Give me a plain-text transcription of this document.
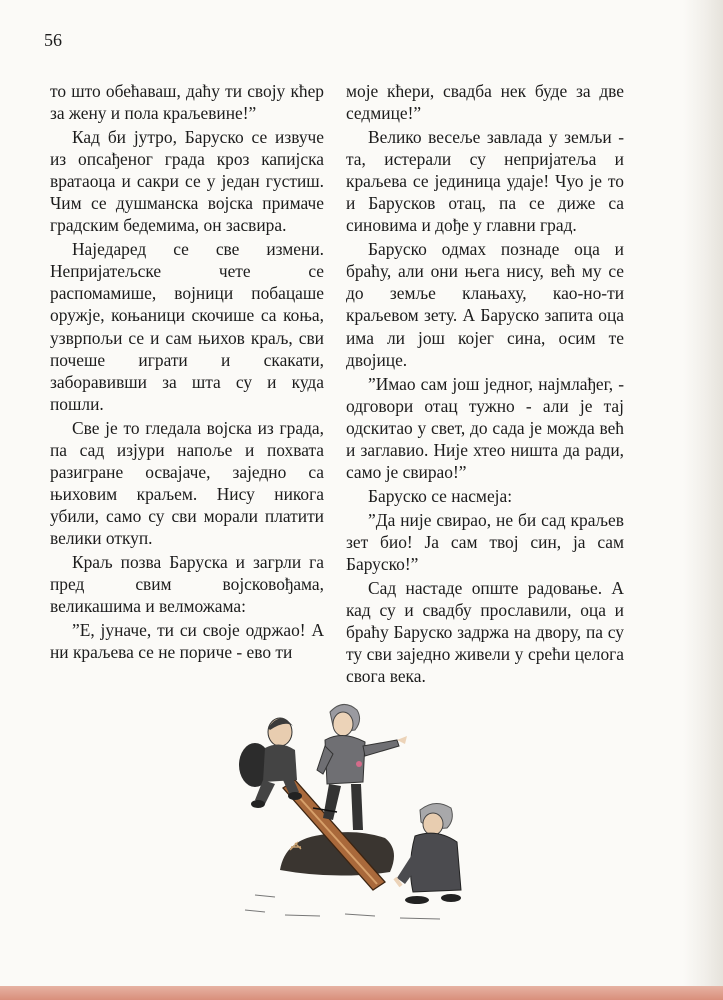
56

то што обећаваш, даћу ти своју кћер за жену и пола краљевине!”

Кад би јутро, Баруско се извуче из опсађеног града кроз капијска вратаоца и сакри се у један густиш. Чим се душманска војска примаче градским бедемима, он засвира.

Наједаред се све измени. Непријатељске чете се распомамише, војници побацаше оружје, коњаници скочише са коња, узврпољи се и сам њихов краљ, сви почеше играти и скакати, заборавивши за шта су и куда пошли.

Све је то гледала војска из града, па сад изјури напоље и похвата разигране освајаче, заједно са њиховим краљем. Нису никога убили, само су сви морали платити велики откуп.

Краљ позва Баруска и загрли га пред свим војсковођама, великашима и велможама:

”Е, јуначе, ти си своје одржао! А ни краљева се не пориче - ево ти

моје кћери, свадба нек буде за две седмице!”

Велико весеље завлада у земљи - та, истерали су непријатеља и краљева се јединица удаје! Чуо је то и Барусков отац, па се диже са синовима и дође у главни град.

Баруско одмах познаде оца и браћу, али они њега нису, већ му се до земље клањаху, као-но-ти краљевом зету. А Баруско запита оца има ли још којег сина, осим те двојице.

”Имао сам још једног, најмлађег, - одговори отац тужно - али је тај одскитао у свет, до сада је можда већ и заглавио. Није хтео ништа да ради, само је свирао!”

Баруско се насмеја:

”Да није свирао, не би сад краљев зет био! Ја сам твој син, ја сам Баруско!”

Сад настаде опште радовање. А кад су и свадбу прославили, оца и браћу Баруско задржа на двору, па су ту сви заједно живели у срећи целога свога века.
